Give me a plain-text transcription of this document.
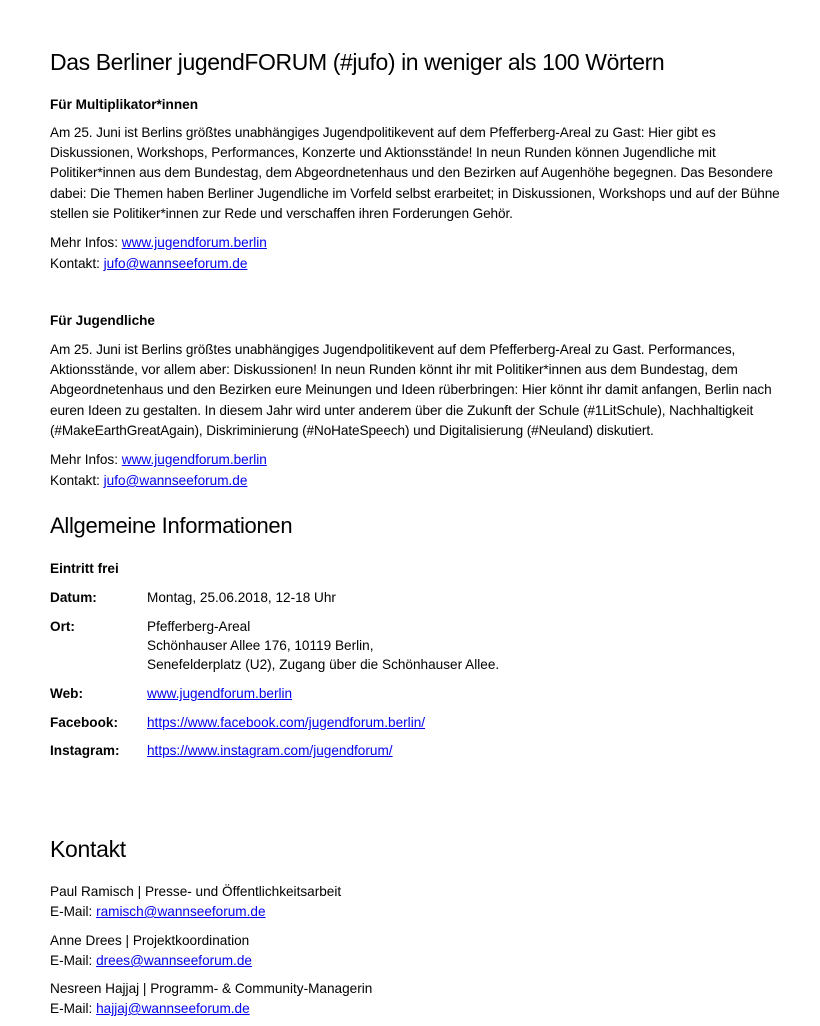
Das Berliner jugendFORUM (#jufo) in weniger als 100 Wörtern
Für Multiplikator*innen
Am 25. Juni ist Berlins größtes unabhängiges Jugendpolitikevent auf dem Pfefferberg-Areal zu Gast: Hier gibt es Diskussionen, Workshops, Performances, Konzerte und Aktionsstände! In neun Runden können Jugendliche mit Politiker*innen aus dem Bundestag, dem Abgeordnetenhaus und den Bezirken auf Augenhöhe begegnen. Das Besondere dabei: Die Themen haben Berliner Jugendliche im Vorfeld selbst erarbeitet; in Diskussionen, Workshops und auf der Bühne stellen sie Politiker*innen zur Rede und verschaffen ihren Forderungen Gehör.
Mehr Infos: www.jugendforum.berlin
Kontakt: jufo@wannseeforum.de
Für Jugendliche
Am 25. Juni ist Berlins größtes unabhängiges Jugendpolitikevent auf dem Pfefferberg-Areal zu Gast. Performances, Aktionsstände, vor allem aber: Diskussionen! In neun Runden könnt ihr mit Politiker*innen aus dem Bundestag, dem Abgeordnetenhaus und den Bezirken eure Meinungen und Ideen rüberbringen: Hier könnt ihr damit anfangen, Berlin nach euren Ideen zu gestalten. In diesem Jahr wird unter anderem über die Zukunft der Schule (#1LitSchule), Nachhaltigkeit (#MakeEarthGreatAgain), Diskriminierung (#NoHateSpeech) und Digitalisierung (#Neuland) diskutiert.
Mehr Infos: www.jugendforum.berlin
Kontakt: jufo@wannseeforum.de
Allgemeine Informationen
Eintritt frei
Datum:	Montag, 25.06.2018, 12-18 Uhr
Ort:	Pfefferberg-Areal
Schönhauser Allee 176, 10119 Berlin,
Senefelderplatz (U2), Zugang über die Schönhauser Allee.
Web:	www.jugendforum.berlin
Facebook: https://www.facebook.com/jugendforum.berlin/
Instagram: https://www.instagram.com/jugendforum/
Kontakt
Paul Ramisch | Presse- und Öffentlichkeitsarbeit
E-Mail: ramisch@wannseeforum.de
Anne Drees | Projektkoordination
E-Mail: drees@wannseeforum.de
Nesreen Hajjaj | Programm- & Community-Managerin
E-Mail: hajjaj@wannseeforum.de
